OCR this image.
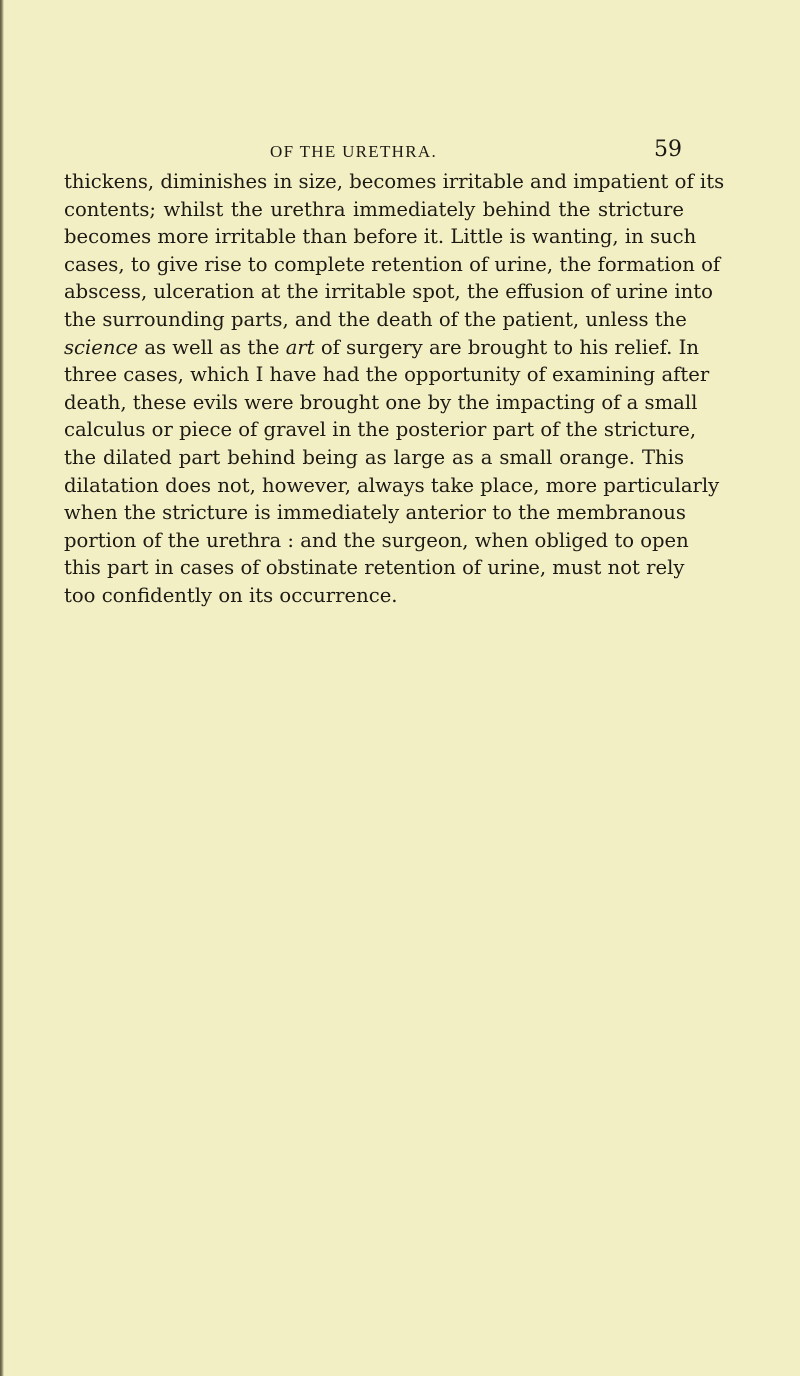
OF THE URETHRA.	59
thickens, diminishes in size, becomes irritable and impatient of its
contents; whilst the urethra immediately behind the stricture
becomes more irritable than before it. Little is wanting, in such
cases, to give rise to complete retention of urine, the formation of
abscess, ulceration at the irritable spot, the effusion of urine into
the surrounding parts, and the death of the patient, unless the
science as well as the art of surgery are brought to his relief. In
three cases, which I have had the opportunity of examining after
death, these evils were brought one by the impacting of a small
calculus or piece of gravel in the posterior part of the stricture,
the dilated part behind being as large as a small orange. This
dilatation does not, however, always take place, more particularly
when the stricture is immediately anterior to the membranous
portion of the urethra : and the surgeon, when obliged to open
this part in cases of obstinate retention of urine, must not rely
too confidently on its occurrence.
